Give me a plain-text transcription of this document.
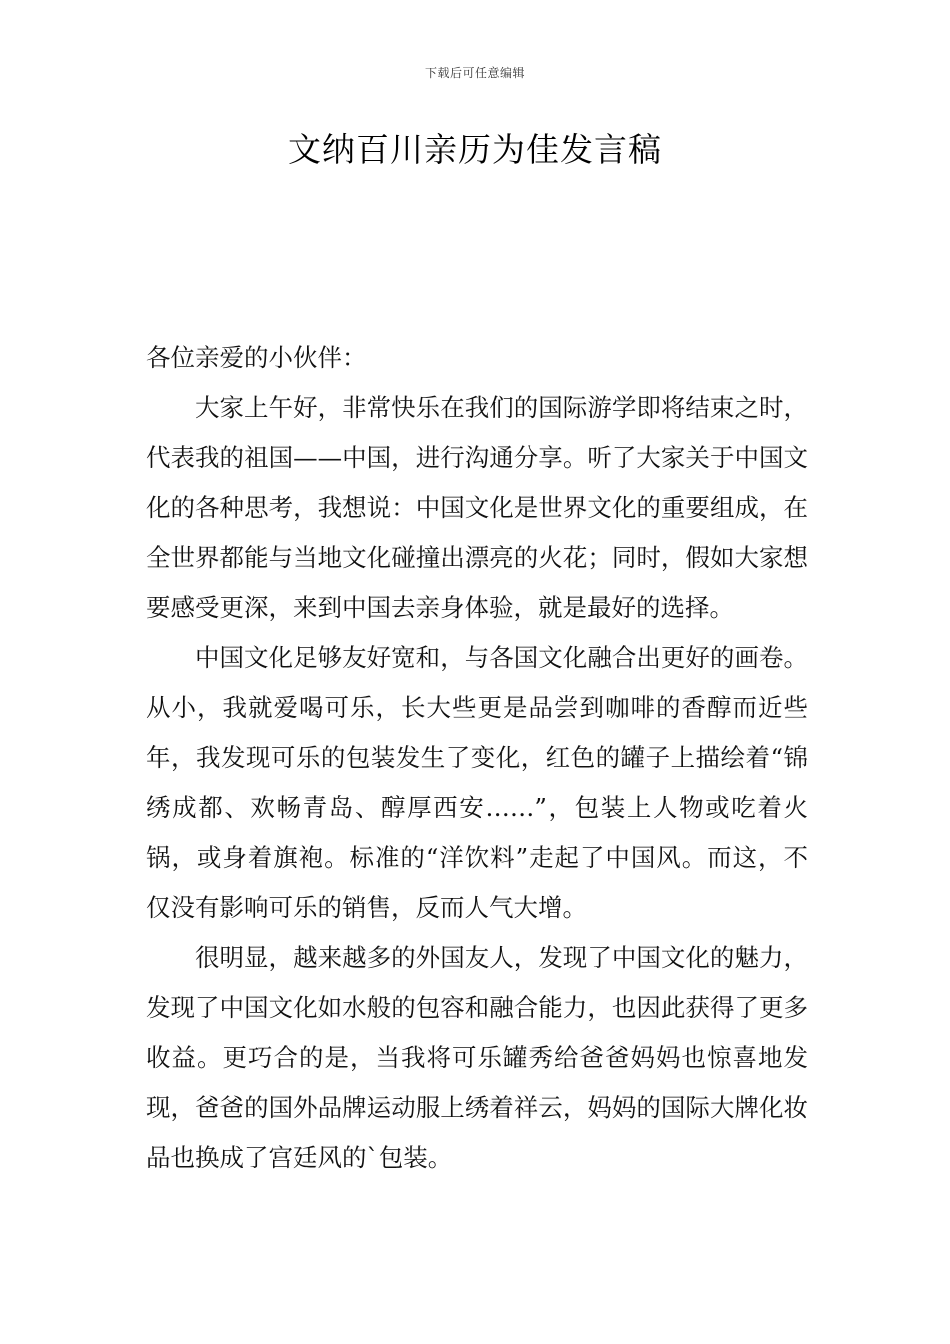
下载后可任意编辑
文纳百川亲历为佳发言稿

各位亲爱的小伙伴：

大家上午好，非常快乐在我们的国际游学即将结束之时，代表我的祖国——中国，进行沟通分享。听了大家关于中国文化的各种思考，我想说：中国文化是世界文化的重要组成，在全世界都能与当地文化碰撞出漂亮的火花；同时，假如大家想要感受更深，来到中国去亲身体验，就是最好的选择。

中国文化足够友好宽和，与各国文化融合出更好的画卷。从小，我就爱喝可乐，长大些更是品尝到咖啡的香醇而近些年，我发现可乐的包装发生了变化，红色的罐子上描绘着“锦绣成都、欢畅青岛、醇厚西安……”，包装上人物或吃着火锅，或身着旗袍。标准的“洋饮料”走起了中国风。而这，不仅没有影响可乐的销售，反而人气大增。

很明显，越来越多的外国友人，发现了中国文化的魅力，发现了中国文化如水般的包容和融合能力，也因此获得了更多收益。更巧合的是，当我将可乐罐秀给爸爸妈妈也惊喜地发现，爸爸的国外品牌运动服上绣着祥云，妈妈的国际大牌化妆品也换成了宫廷风的`包装。
